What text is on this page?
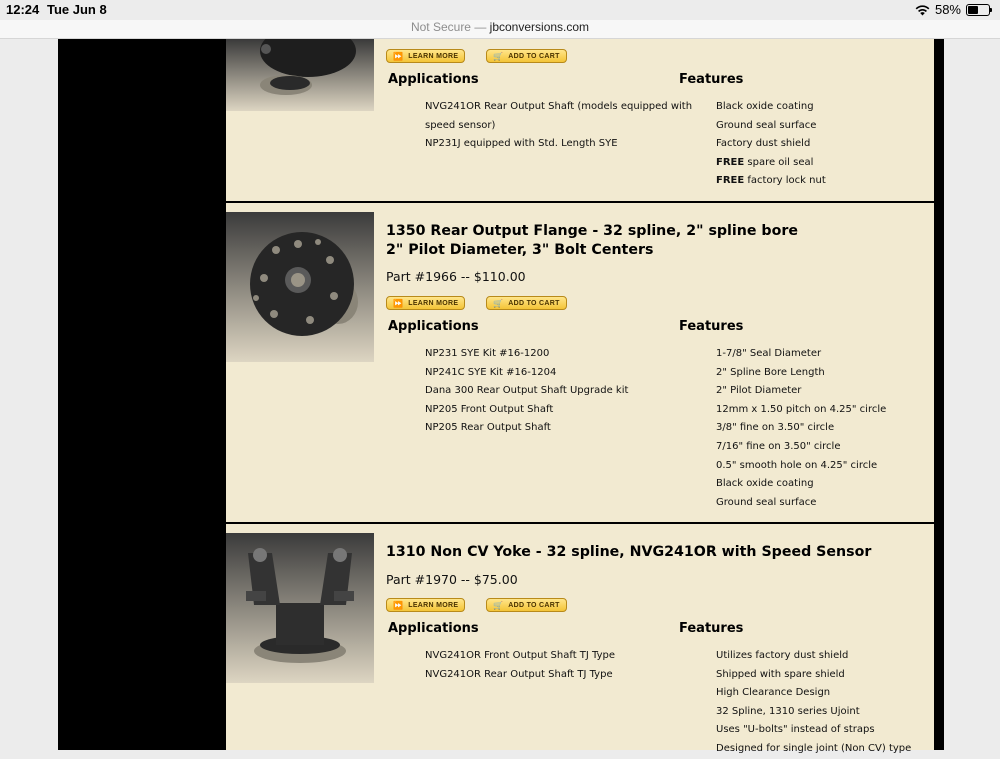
12:24 Tue Jun 8	58%
Not Secure — jbconversions.com
⏩ LEARN MORE	🛒 ADD TO CART
Applications	Features
NVG241OR Rear Output Shaft (models equipped with
speed sensor)
NP231J equipped with Std. Length SYE
Black oxide coating
Ground seal surface
Factory dust shield
FREE spare oil seal
FREE factory lock nut
1350 Rear Output Flange - 32 spline, 2" spline bore
2" Pilot Diameter, 3" Bolt Centers
Part #1966 -- $110.00
⏩ LEARN MORE	🛒 ADD TO CART
Applications	Features
NP231 SYE Kit #16-1200
NP241C SYE Kit #16-1204
Dana 300 Rear Output Shaft Upgrade kit
NP205 Front Output Shaft
NP205 Rear Output Shaft
1-7/8" Seal Diameter
2" Spline Bore Length
2" Pilot Diameter
12mm x 1.50 pitch on 4.25" circle
3/8" fine on 3.50" circle
7/16" fine on 3.50" circle
0.5" smooth hole on 4.25" circle
Black oxide coating
Ground seal surface
1310 Non CV Yoke - 32 spline, NVG241OR with Speed Sensor
Part #1970 -- $75.00
⏩ LEARN MORE	🛒 ADD TO CART
Applications	Features
NVG241OR Front Output Shaft TJ Type
NVG241OR Rear Output Shaft TJ Type
Utilizes factory dust shield
Shipped with spare shield
High Clearance Design
32 Spline, 1310 series Ujoint
Uses "U-bolts" instead of straps
Designed for single joint (Non CV) type
